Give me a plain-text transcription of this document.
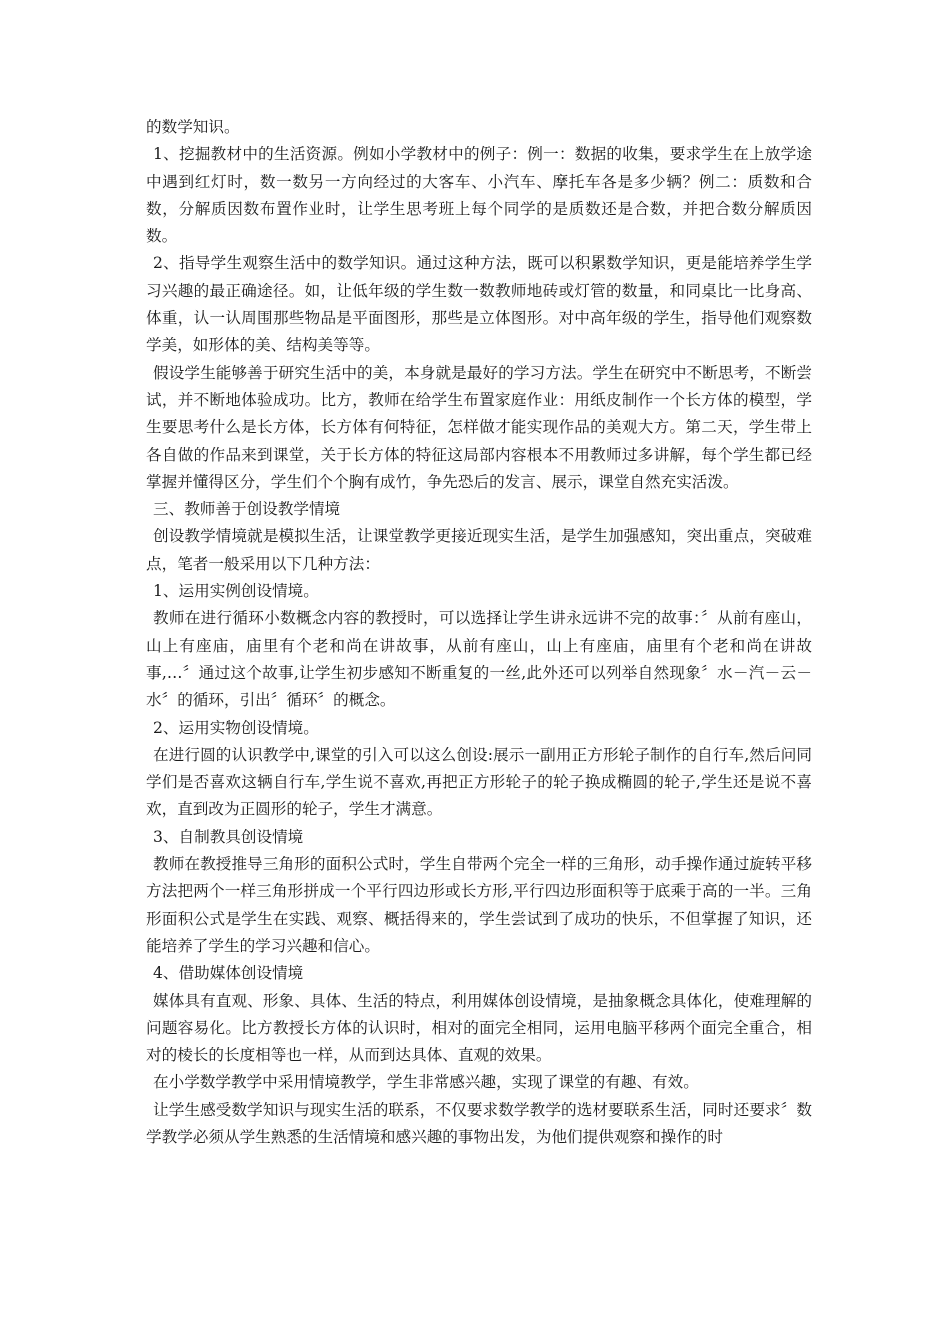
的数学知识。

1、挖掘教材中的生活资源。例如小学教材中的例子：例一：数据的收集，要求学生在上放学途中遇到红灯时，数一数另一方向经过的大客车、小汽车、摩托车各是多少辆？例二：质数和合数，分解质因数布置作业时，让学生思考班上每个同学的是质数还是合数，并把合数分解质因数。

2、指导学生观察生活中的数学知识。通过这种方法，既可以积累数学知识，更是能培养学生学习兴趣的最正确途径。如，让低年级的学生数一数教师地砖或灯管的数量，和同桌比一比身高、体重，认一认周围那些物品是平面图形，那些是立体图形。对中高年级的学生，指导他们观察数学美，如形体的美、结构美等等。

假设学生能够善于研究生活中的美，本身就是最好的学习方法。学生在研究中不断思考，不断尝试，并不断地体验成功。比方，教师在给学生布置家庭作业：用纸皮制作一个长方体的模型，学生要思考什么是长方体，长方体有何特征，怎样做才能实现作品的美观大方。第二天，学生带上各自做的作品来到课堂，关于长方体的特征这局部内容根本不用教师过多讲解，每个学生都已经掌握并懂得区分，学生们个个胸有成竹，争先恐后的发言、展示，课堂自然充实活泼。

三、教师善于创设教学情境

创设教学情境就是模拟生活，让课堂教学更接近现实生活，是学生加强感知，突出重点，突破难点，笔者一般采用以下几种方法：

1、运用实例创设情境。

教师在进行循环小数概念内容的教授时，可以选择让学生讲永远讲不完的故事：〞从前有座山，山上有座庙，庙里有个老和尚在讲故事，从前有座山，山上有座庙，庙里有个老和尚在讲故事,…〞通过这个故事,让学生初步感知不断重复的一丝,此外还可以列举自然现象〞水－汽－云－水〞的循环，引出〞循环〞的概念。

2、运用实物创设情境。

在进行圆的认识教学中,课堂的引入可以这么创设:展示一副用正方形轮子制作的自行车,然后问同学们是否喜欢这辆自行车,学生说不喜欢,再把正方形轮子的轮子换成椭圆的轮子,学生还是说不喜欢，直到改为正圆形的轮子，学生才满意。

3、自制教具创设情境

教师在教授推导三角形的面积公式时，学生自带两个完全一样的三角形，动手操作通过旋转平移方法把两个一样三角形拼成一个平行四边形或长方形,平行四边形面积等于底乘于高的一半。三角形面积公式是学生在实践、观察、概括得来的，学生尝试到了成功的快乐，不但掌握了知识，还能培养了学生的学习兴趣和信心。

4、借助媒体创设情境

媒体具有直观、形象、具体、生活的特点，利用媒体创设情境，是抽象概念具体化，使难理解的问题容易化。比方教授长方体的认识时，相对的面完全相同，运用电脑平移两个面完全重合，相对的棱长的长度相等也一样，从而到达具体、直观的效果。

在小学数学教学中采用情境教学，学生非常感兴趣，实现了课堂的有趣、有效。

让学生感受数学知识与现实生活的联系，不仅要求数学教学的选材要联系生活，同时还要求〞数学教学必须从学生熟悉的生活情境和感兴趣的事物出发，为他们提供观察和操作的时
